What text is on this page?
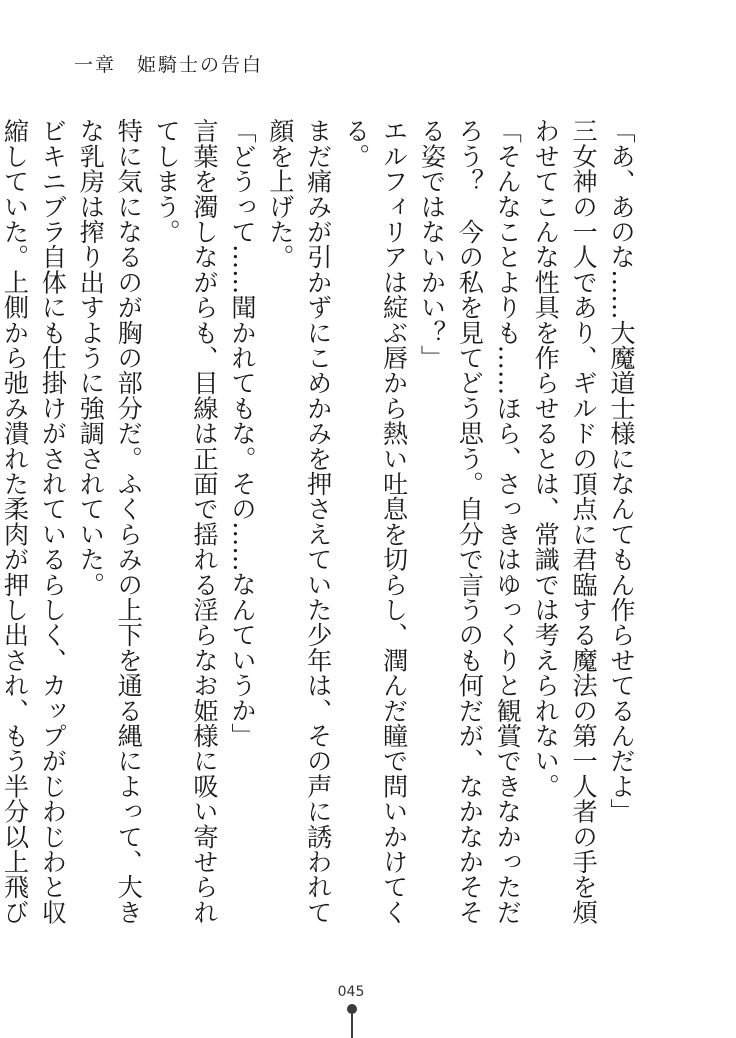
一章　姫騎士の告白

「あ、あのな……大魔道士様になんてもん作らせてるんだよ」

三女神の一人であり、ギルドの頂点に君臨する魔法の第一人者の手を煩わせてこんな性具を作らせるとは、常識では考えられない。

「そんなことよりも……ほら、さっきはゆっくりと観賞できなかっただろう？　今の私を見てどう思う。自分で言うのも何だが、なかなかそそる姿ではないかい？」

エルフィリアは綻ぶ唇から熱い吐息を切らし、潤んだ瞳で問いかけてくる。

まだ痛みが引かずにこめかみを押さえていた少年は、その声に誘われて顔を上げた。

「どうって……聞かれてもな。その……なんていうか」

言葉を濁しながらも、目線は正面で揺れる淫らなお姫様に吸い寄せられてしまう。

特に気になるのが胸の部分だ。ふくらみの上下を通る縄によって、大きな乳房は搾り出すように強調されていた。

ビキニブラ自体にも仕掛けがされているらしく、カップがじわじわと収縮していた。上側から弛み潰れた柔肉が押し出され、もう半分以上飛び

045
